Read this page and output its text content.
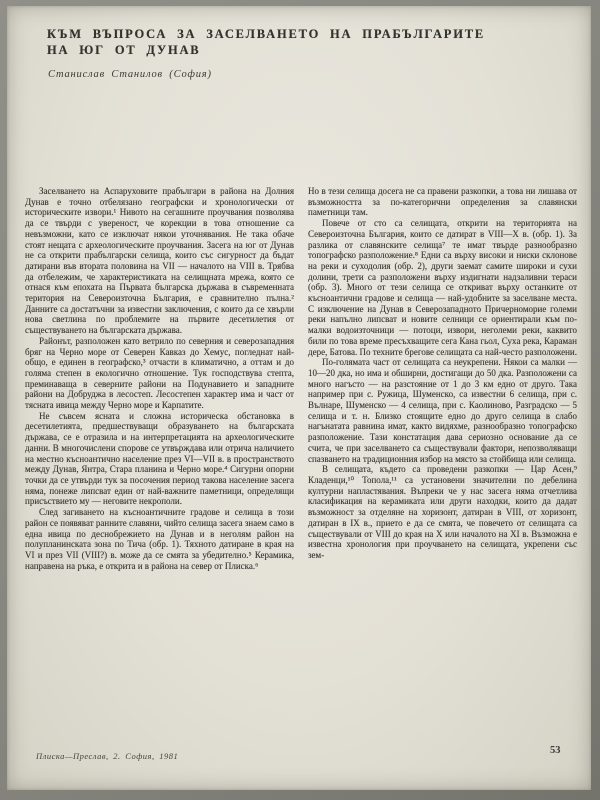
КЪМ ВЪПРОСА ЗА ЗАСЕЛВАНЕТО НА ПРАБЪЛГАРИТЕ
НА ЮГ ОТ ДУНАВ
Станислав Станилов (София)

Заселването на Аспаруховите прабългари в района на Долния Дунав е точно отбелязано географски и хронологически от историческите извори.¹ Нивото на сегашните проучвания позволява да се твърди с увереност, че корекции в това отношение са невъзможни, като се изключат някои уточнявания. Не така обаче стоят нещата с археологическите проучвания. Засега на юг от Дунав не са открити прабългарски селища, които със сигурност да бъдат датирани във втората половина на VII — началото на VIII в. Трябва да отбележим, че характеристиката на селищната мрежа, която се отнася към епохата на Първата българска държава в съвременната територия на Североизточна България, е сравнително пълна.² Данните са достатъчни за известни заключения, с които да се хвърли нова светлина по проблемите на първите десетилетия от съществуването на българската държава.

Районът, разположен като ветрило по северния и северозападния бряг на Черно море от Северен Кавказ до Хемус, погледнат най-общо, е единен в географско,³ отчасти в климатично, а оттам и до голяма степен в екологично отношение. Тук господствува степта, преминаваща в северните райони на Подунавието и западните райони на Добруджа в лесостеп. Лесостепен характер има и част от тясната ивица между Черно море и Карпатите.

Не съвсем ясната и сложна историческа обстановка в десетилетията, предшествуващи образуването на българската държава, се е отразила и на интерпретацията на археологическите данни. В многочислени спорове се утвърждава или отрича наличието на местно късноантично население през VI—VII в. в пространството между Дунав, Янтра, Стара планина и Черно море.⁴ Сигурни опорни точки да се утвърди тук за посочения период такова население засега няма, понеже липсват един от най-важните паметници, определящи присъствието му — неговите некрополи.

След загиването на късноантичните градове и селища в този район се появяват ранните славяни, чийто селища засега знаем само в една ивица по деснобрежието на Дунав и в неголям район на полупланинската зона по Тича (обр. 1). Тяхното датиране в края на VI и през VII (VIII?) в. може да се смята за убедително.⁵ Керамика, направена на ръка, е открита и в района на север от Плиска.⁶

Но в тези селища досега не са правени разкопки, а това ни лишава от възможността за по-категорични определения за славянски паметници там.

Повече от сто са селищата, открити на територията на Североизточна България, които се датират в VIII—X в. (обр. 1). За разлика от славянските селища⁷ те имат твърде разнообразно топографско разположение.⁸ Едни са върху високи и ниски склонове на реки и суходолия (обр. 2), други заемат самите широки и сухи долини, трети са разположени върху издигнати надзаливни тераси (обр. 3). Много от тези селища се откриват върху останките от късноантични градове и селища — най-удобните за заселване места. С изключение на Дунав в Северозападното Причерноморие големи реки напълно липсват и новите селници се ориентирали към по-малки водоизточници — потоци, извори, неголеми реки, каквито били по това време пресъхващите сега Кана гьол, Суха река, Караман дере, Батова. По техните брегове селищата са най-често разположени.

По-голямата част от селищата са неукрепени. Някои са малки — 10—20 дка, но има и обширни, достигащи до 50 дка. Разположени са много нагъсто — на разстояние от 1 до 3 км едно от друго. Така например при с. Ружица, Шуменско, са известни 6 селища, при с. Вълнаре, Шуменско — 4 селища, при с. Каолиново, Разградско — 5 селища и т. н. Близко стоящите едно до друго селища в слабо нагънатата равнина имат, както видяхме, разнообразно топографско разположение. Тази констатация дава сериозно основание да се счита, че при заселването са съществували фактори, непозволяващи спазването на традиционния избор на място за стойбища или селища.

В селищата, където са проведени разкопки — Цар Асен,⁹ Кладенци,¹⁰ Топола,¹¹ са установени значителни по дебелина културни напластявания. Въпреки че у нас засега няма отчетлива класификация на керамиката или други находки, които да дадат възможност за отделяне на хоризонт, датиран в VIII, от хоризонт, датиран в IX в., прието е да се смята, че повечето от селищата са съществували от VIII до края на X или началото на XI в. Възможна е известна хронология при проучването на селищата, укрепени със зем-

Плиска—Преслав, 2. София, 1981	53
